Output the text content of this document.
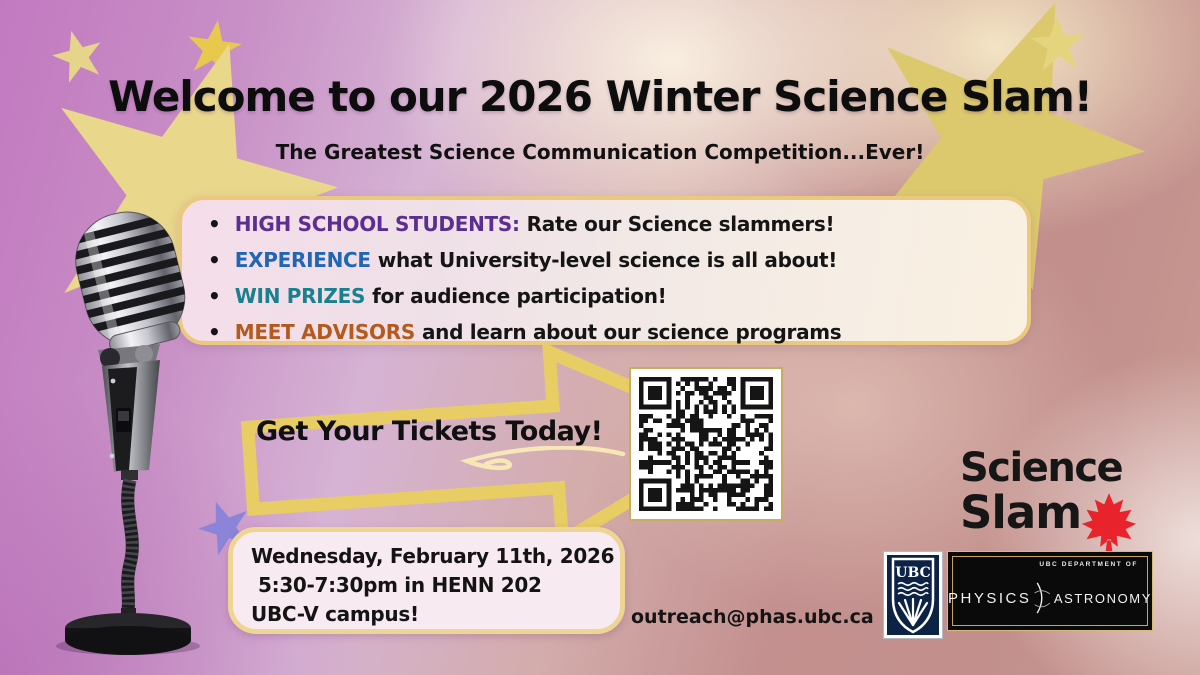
Welcome to our 2026 Winter Science Slam!
The Greatest Science Communication Competition...Ever!
• HIGH SCHOOL STUDENTS: Rate our Science slammers!
• EXPERIENCE what University-level science is all about!
• WIN PRIZES for audience participation!
• MEET ADVISORS and learn about our science programs
Get Your Tickets Today!
Wednesday, February 11th, 2026
5:30-7:30pm in HENN 202
UBC-V campus!	outreach@phas.ubc.ca
Science
Slam
UBC
UBC DEPARTMENT OF
PHYSICS ASTRONOMY
